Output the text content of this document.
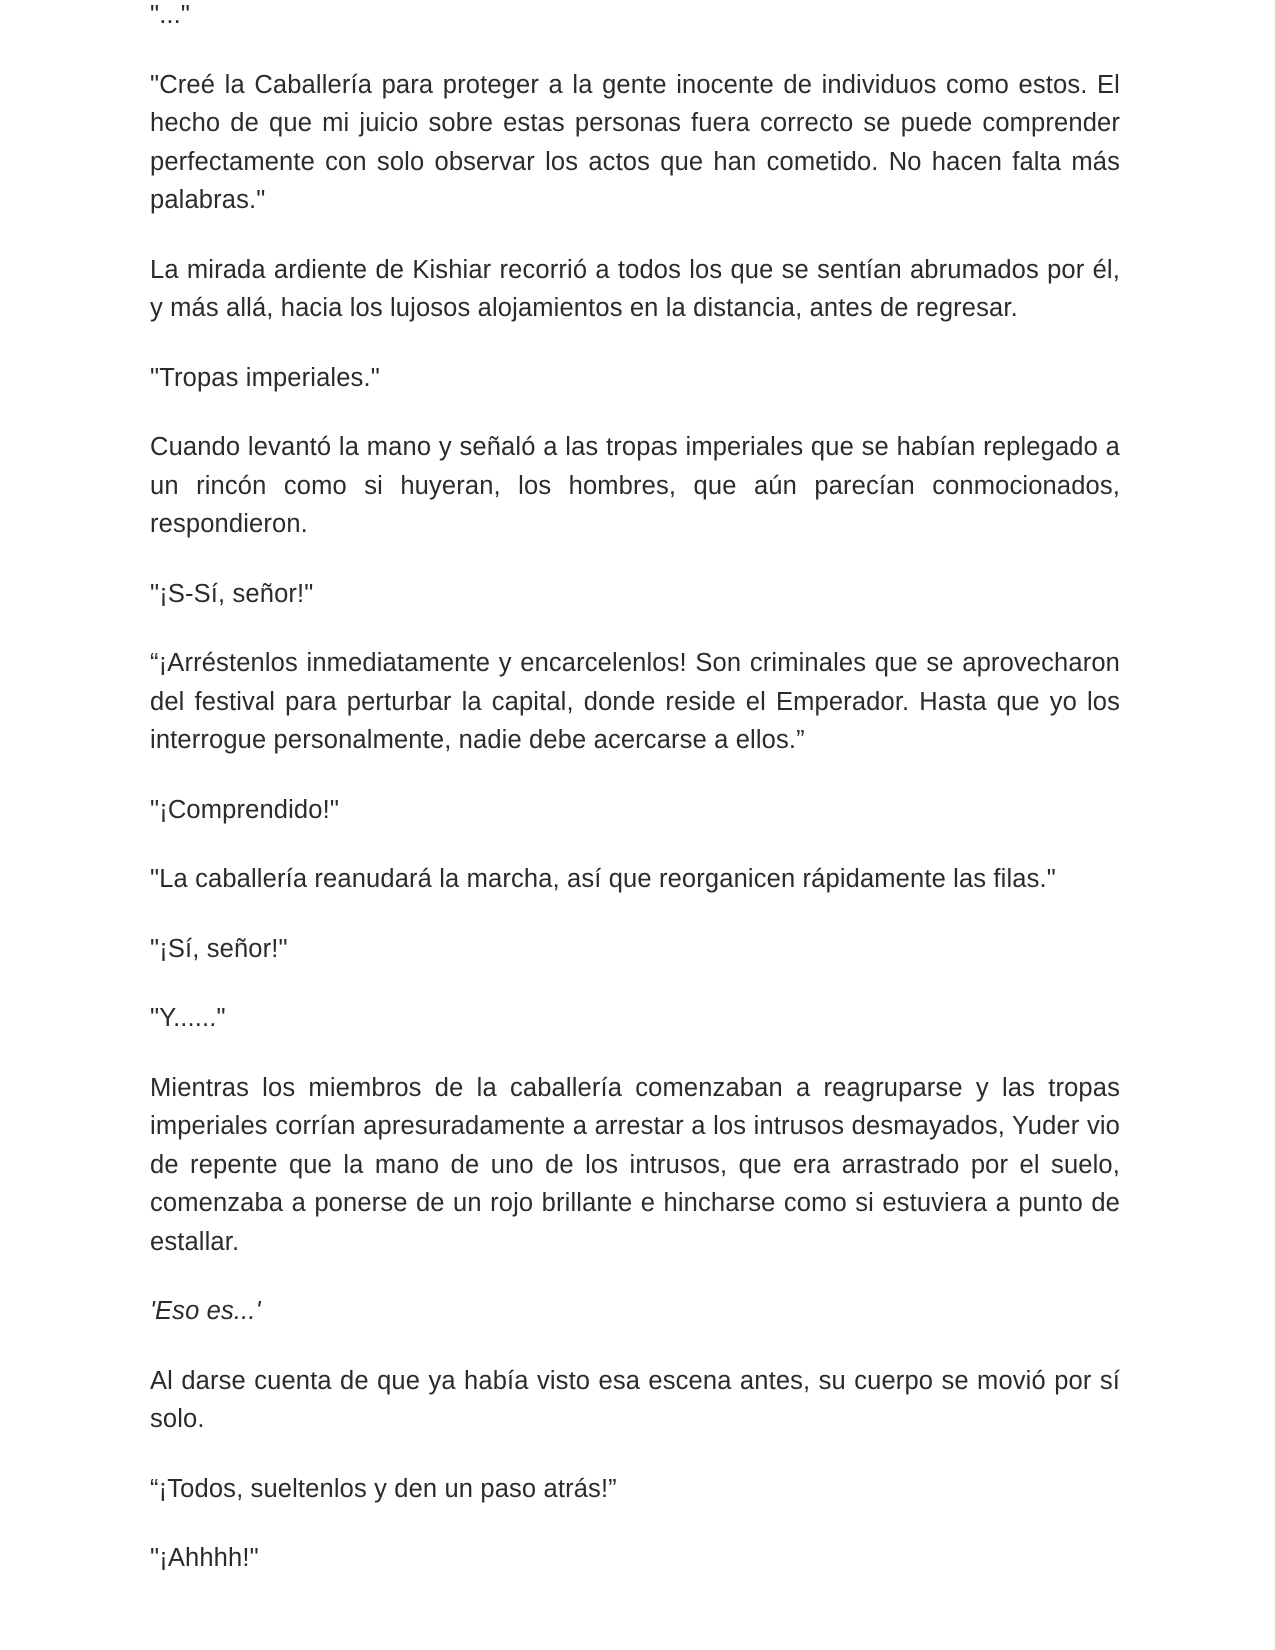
"..."

"Creé la Caballería para proteger a la gente inocente de individuos como estos. El hecho de que mi juicio sobre estas personas fuera correcto se puede comprender perfectamente con solo observar los actos que han cometido. No hacen falta más palabras."

La mirada ardiente de Kishiar recorrió a todos los que se sentían abrumados por él, y más allá, hacia los lujosos alojamientos en la distancia, antes de regresar.

"Tropas imperiales."

Cuando levantó la mano y señaló a las tropas imperiales que se habían replegado a un rincón como si huyeran, los hombres, que aún parecían conmocionados, respondieron.

"¡S-Sí, señor!"

“¡Arréstenlos inmediatamente y encarcelenlos! Son criminales que se aprovecharon del festival para perturbar la capital, donde reside el Emperador. Hasta que yo los interrogue personalmente, nadie debe acercarse a ellos.”

"¡Comprendido!"

"La caballería reanudará la marcha, así que reorganicen rápidamente las filas."

"¡Sí, señor!"

"Y......"

Mientras los miembros de la caballería comenzaban a reagruparse y las tropas imperiales corrían apresuradamente a arrestar a los intrusos desmayados, Yuder vio de repente que la mano de uno de los intrusos, que era arrastrado por el suelo, comenzaba a ponerse de un rojo brillante e hincharse como si estuviera a punto de estallar.

'Eso es...'

Al darse cuenta de que ya había visto esa escena antes, su cuerpo se movió por sí solo.

“¡Todos, sueltenlos y den un paso atrás!”

"¡Ahhhh!"
